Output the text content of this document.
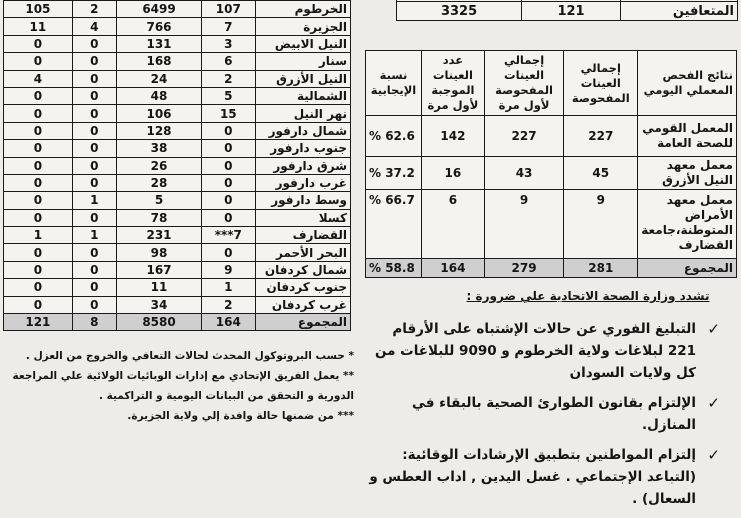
105	2	6499	107	الخرطوم
11	4	766	7	الجزيرة
0	0	131	3	النيل الابيض
0	0	168	6	سنار
4	0	24	2	النيل الأزرق
0	0	48	5	الشمالية
0	0	106	15	نهر النيل
0	0	128	0	شمال دارفور
0	0	38	0	جنوب دارفور
0	0	26	0	شرق دارفور
0	0	28	0	غرب دارفور
0	1	5	0	وسط دارفور
0	0	78	0	كسلا
1	1	231	***7	القضارف
0	0	98	0	البحر الأحمر
0	0	167	9	شمال كردفان
0	0	11	1	جنوب كردفان
0	0	34	2	غرب كردفان
121	8	8580	164	المجموع

* حسب البروتوكول المحدث لحالات التعافي والخروج من العزل .

** يعمل الفريق الإتحادي مع إدارات الوبائيات الولائية علي المراجعة الدورية و التحقق من البيانات اليومية و التراكمية .

*** من ضمنها حالة وافدة إلي ولاية الجزيرة.

3325	121	المتعافين
نسبة الإيجابية	عدد العينات الموجبة لأول مرة	إجمالي العينات المفحوصة لأول مرة	إجمالي العينات المفحوصة	نتائج الفحص المعملي اليومي
% 62.6	142	227	227	المعمل القومي للصحة العامة
% 37.2	16	43	45	معمل معهد النيل الأزرق
% 66.7	6	9	9	معمل معهد الأمراض المتوطنة،جامعة القضارف
% 58.8	164	279	281	المجموع
تشدد وزارة الصحة الاتحادية علي ضرورة :
✓
التبليغ الفوري عن حالات الإشتباه على الأرقام 221 لبلاغات ولاية الخرطوم و 9090 للبلاغات من كل ولايات السودان
✓
الإلتزام بقانون الطوارئ الصحية بالبقاء في المنازل.
✓
إلتزام المواطنين بتطبيق الإرشادات الوقائية: (التباعد الإجتماعي . غسل اليدين , اداب العطس و السعال) .
